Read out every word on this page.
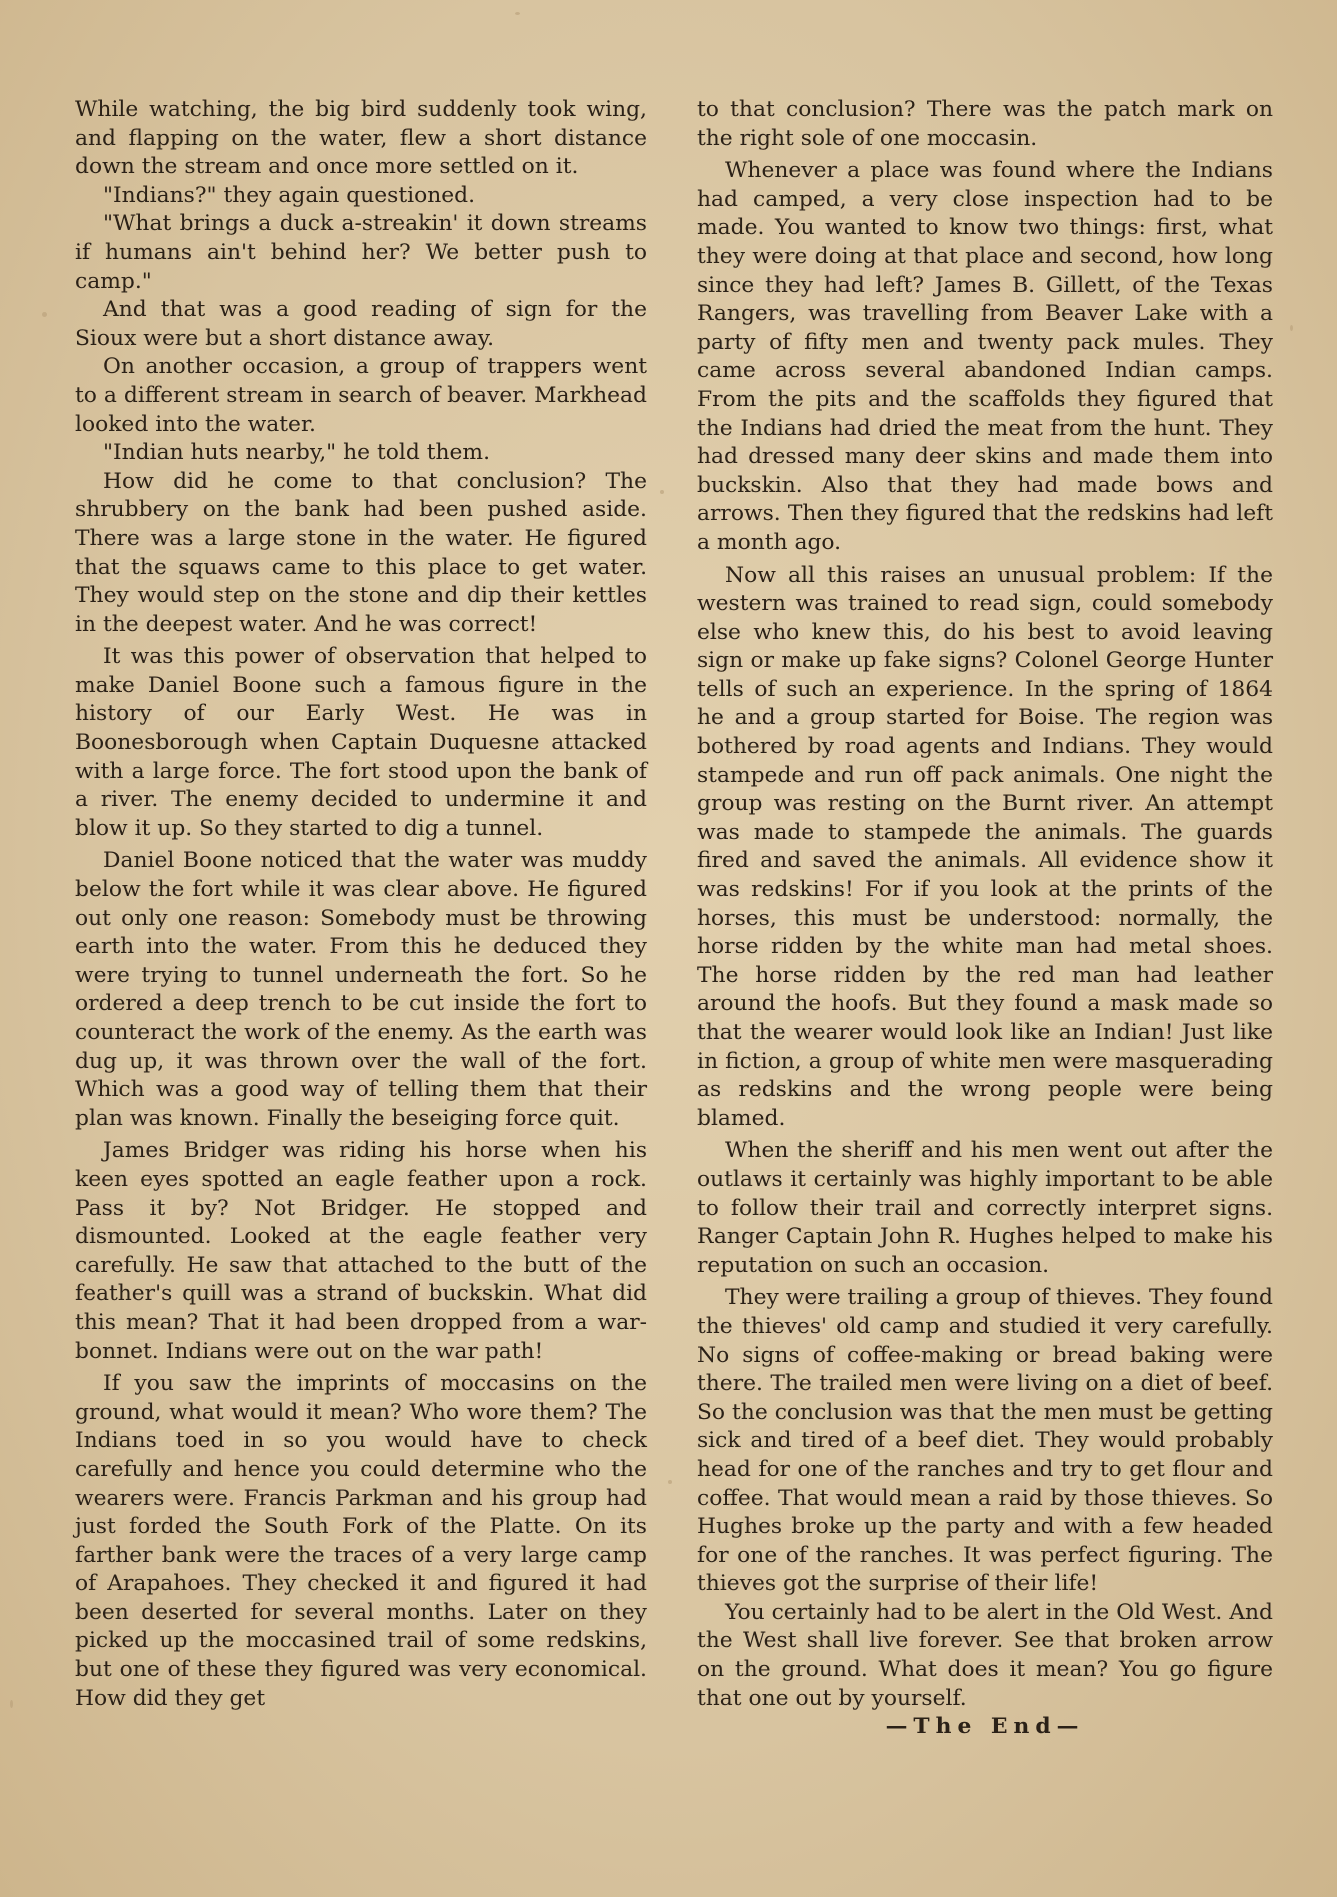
While watching, the big bird suddenly took wing, and flapping on the water, flew a short distance down the stream and once more settled on it.

"Indians?" they again questioned.

"What brings a duck a-streakin' it down streams if humans ain't behind her? We better push to camp."

And that was a good reading of sign for the Sioux were but a short distance away.

On another occasion, a group of trappers went to a different stream in search of beaver. Markhead looked into the water.

"Indian huts nearby," he told them.

How did he come to that conclusion? The shrubbery on the bank had been pushed aside. There was a large stone in the water. He figured that the squaws came to this place to get water. They would step on the stone and dip their kettles in the deepest water. And he was correct!

It was this power of observation that helped to make Daniel Boone such a famous figure in the history of our Early West. He was in Boonesborough when Captain Duquesne attacked with a large force. The fort stood upon the bank of a river. The enemy decided to undermine it and blow it up. So they started to dig a tunnel.

Daniel Boone noticed that the water was muddy below the fort while it was clear above. He figured out only one reason: Somebody must be throwing earth into the water. From this he deduced they were trying to tunnel underneath the fort. So he ordered a deep trench to be cut inside the fort to counteract the work of the enemy. As the earth was dug up, it was thrown over the wall of the fort. Which was a good way of telling them that their plan was known. Finally the beseiging force quit.

James Bridger was riding his horse when his keen eyes spotted an eagle feather upon a rock. Pass it by? Not Bridger. He stopped and dismounted. Looked at the eagle feather very carefully. He saw that attached to the butt of the feather's quill was a strand of buckskin. What did this mean? That it had been dropped from a war-bonnet. Indians were out on the war path!

If you saw the imprints of moccasins on the ground, what would it mean? Who wore them? The Indians toed in so you would have to check carefully and hence you could determine who the wearers were. Francis Parkman and his group had just forded the South Fork of the Platte. On its farther bank were the traces of a very large camp of Arapahoes. They checked it and figured it had been deserted for several months. Later on they picked up the moccasined trail of some redskins, but one of these they figured was very economical. How did they get

to that conclusion? There was the patch mark on the right sole of one moccasin.

Whenever a place was found where the Indians had camped, a very close inspection had to be made. You wanted to know two things: first, what they were doing at that place and second, how long since they had left? James B. Gillett, of the Texas Rangers, was travelling from Beaver Lake with a party of fifty men and twenty pack mules. They came across several abandoned Indian camps. From the pits and the scaffolds they figured that the Indians had dried the meat from the hunt. They had dressed many deer skins and made them into buckskin. Also that they had made bows and arrows. Then they figured that the redskins had left a month ago.

Now all this raises an unusual problem: If the western was trained to read sign, could somebody else who knew this, do his best to avoid leaving sign or make up fake signs? Colonel George Hunter tells of such an experience. In the spring of 1864 he and a group started for Boise. The region was bothered by road agents and Indians. They would stampede and run off pack animals. One night the group was resting on the Burnt river. An attempt was made to stampede the animals. The guards fired and saved the animals. All evidence show it was redskins! For if you look at the prints of the horses, this must be understood: normally, the horse ridden by the white man had metal shoes. The horse ridden by the red man had leather around the hoofs. But they found a mask made so that the wearer would look like an Indian! Just like in fiction, a group of white men were masquerading as redskins and the wrong people were being blamed.

When the sheriff and his men went out after the outlaws it certainly was highly important to be able to follow their trail and correctly interpret signs. Ranger Captain John R. Hughes helped to make his reputation on such an occasion.

They were trailing a group of thieves. They found the thieves' old camp and studied it very carefully. No signs of coffee-making or bread baking were there. The trailed men were living on a diet of beef. So the conclusion was that the men must be getting sick and tired of a beef diet. They would probably head for one of the ranches and try to get flour and coffee. That would mean a raid by those thieves. So Hughes broke up the party and with a few headed for one of the ranches. It was perfect figuring. The thieves got the surprise of their life!

You certainly had to be alert in the Old West. And the West shall live forever. See that broken arrow on the ground. What does it mean? You go figure that one out by yourself.

—The End—
